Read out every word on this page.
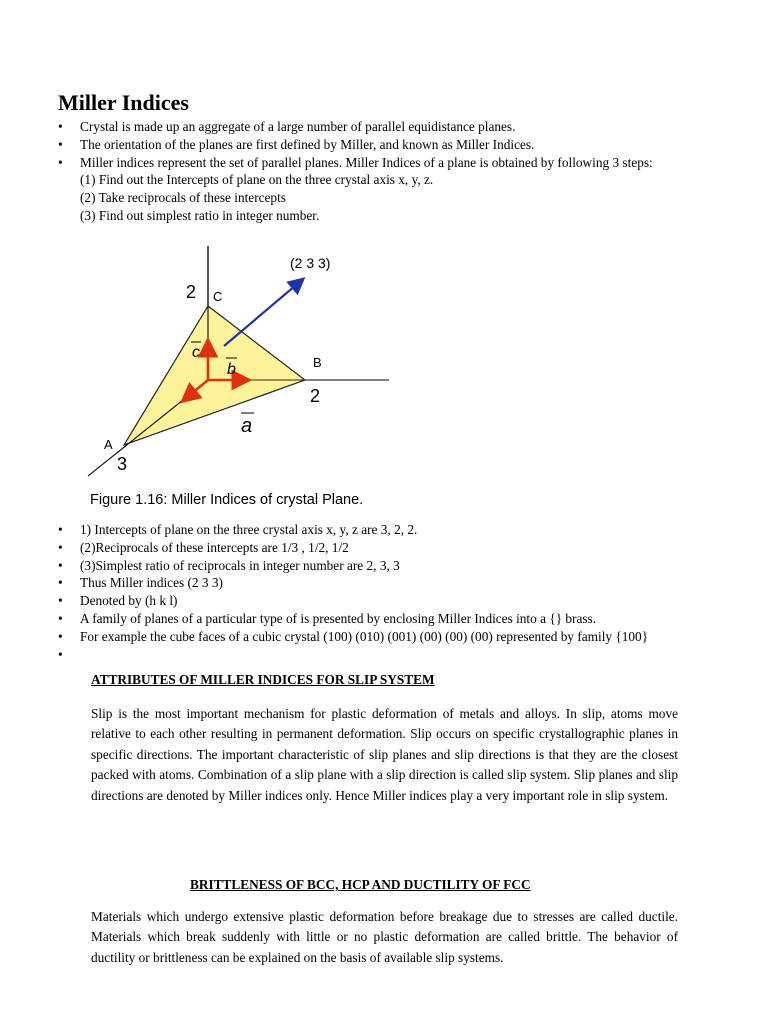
Miller Indices
• Crystal is made up an aggregate of a large number of parallel equidistance planes.
• The orientation of the planes are first defined by Miller, and known as Miller Indices.
• Miller indices represent the set of parallel planes. Miller Indices of a plane is obtained by following 3 steps:
(1) Find out the Intercepts of plane on the three crystal axis x, y, z.
(2) Take reciprocals of these intercepts
(3) Find out simplest ratio in integer number.
(2 3 3)
2 C
B
2
A
3
c
b
a
Figure 1.16: Miller Indices of crystal Plane.
• 1) Intercepts of plane on the three crystal axis x, y, z are 3, 2, 2.
• (2)Reciprocals of these intercepts are 1/3 , 1/2, 1/2
• (3)Simplest ratio of reciprocals in integer number are 2, 3, 3
• Thus Miller indices (2 3 3)
• Denoted by (h k l)
• A family of planes of a particular type of is presented by enclosing Miller Indices into a {} brass.
• For example the cube faces of a cubic crystal (100) (010) (001) (00) (00) (00) represented by family {100}
•
ATTRIBUTES OF MILLER INDICES FOR SLIP SYSTEM

Slip is the most important mechanism for plastic deformation of metals and alloys. In slip, atoms move relative to each other resulting in permanent deformation. Slip occurs on specific crystallographic planes in specific directions. The important characteristic of slip planes and slip directions is that they are the closest packed with atoms. Combination of a slip plane with a slip direction is called slip system. Slip planes and slip directions are denoted by Miller indices only. Hence Miller indices play a very important role in slip system.

BRITTLENESS OF BCC, HCP AND DUCTILITY OF FCC

Materials which undergo extensive plastic deformation before breakage due to stresses are called ductile. Materials which break suddenly with little or no plastic deformation are called brittle. The behavior of ductility or brittleness can be explained on the basis of available slip systems.
